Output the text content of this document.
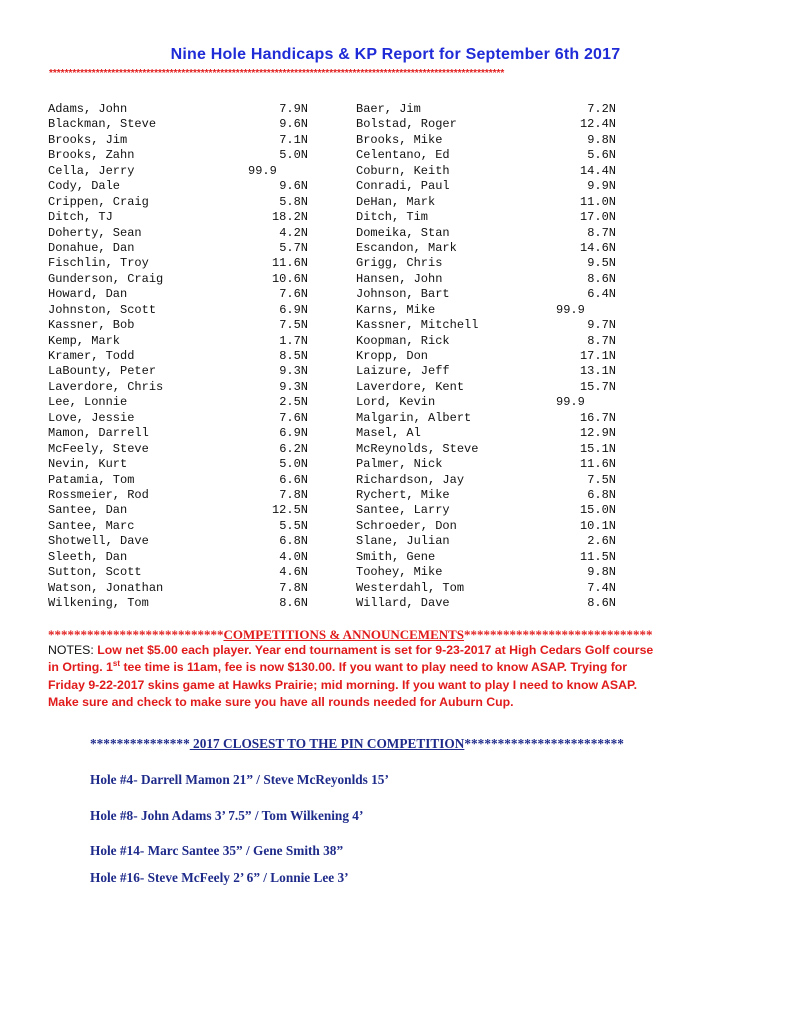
Nine Hole Handicaps & KP Report for September 6th 2017
*********************************************************************************************************************
Adams, John	7.9N	Baer, Jim	7.2N
Blackman, Steve	9.6N	Bolstad, Roger	12.4N
Brooks, Jim	7.1N	Brooks, Mike	9.8N
Brooks, Zahn	5.0N	Celentano, Ed	5.6N
Cella, Jerry	99.9	Coburn, Keith	14.4N
Cody, Dale	9.6N	Conradi, Paul	9.9N
Crippen, Craig	5.8N	DeHan, Mark	11.0N
Ditch, TJ	18.2N	Ditch, Tim	17.0N
Doherty, Sean	4.2N	Domeika, Stan	8.7N
Donahue, Dan	5.7N	Escandon, Mark	14.6N
Fischlin, Troy	11.6N	Grigg, Chris	9.5N
Gunderson, Craig	10.6N	Hansen, John	8.6N
Howard, Dan	7.6N	Johnson, Bart	6.4N
Johnston, Scott	6.9N	Karns, Mike	99.9
Kassner, Bob	7.5N	Kassner, Mitchell	9.7N
Kemp, Mark	1.7N	Koopman, Rick	8.7N
Kramer, Todd	8.5N	Kropp, Don	17.1N
LaBounty, Peter	9.3N	Laizure, Jeff	13.1N
Laverdore, Chris	9.3N	Laverdore, Kent	15.7N
Lee, Lonnie	2.5N	Lord, Kevin	99.9
Love, Jessie	7.6N	Malgarin, Albert	16.7N
Mamon, Darrell	6.9N	Masel, Al	12.9N
McFeely, Steve	6.2N	McReynolds, Steve	15.1N
Nevin, Kurt	5.0N	Palmer, Nick	11.6N
Patamia, Tom	6.6N	Richardson, Jay	7.5N
Rossmeier, Rod	7.8N	Rychert, Mike	6.8N
Santee, Dan	12.5N	Santee, Larry	15.0N
Santee, Marc	5.5N	Schroeder, Don	10.1N
Shotwell, Dave	6.8N	Slane, Julian	2.6N
Sleeth, Dan	4.0N	Smith, Gene	11.5N
Sutton, Scott	4.6N	Toohey, Mike	9.8N
Watson, Jonathan	7.8N	Westerdahl, Tom	7.4N
Wilkening, Tom	8.6N	Willard, Dave	8.6N
***************************COMPETITIONS & ANNOUNCEMENTS*****************************
NOTES: Low net $5.00 each player. Year end tournament is set for 9-23-2017 at High Cedars Golf course
in Orting. 1st tee time is 11am, fee is now $130.00. If you want to play need to know ASAP. Trying for
Friday 9-22-2017 skins game at Hawks Prairie; mid morning. If you want to play I need to know ASAP.
Make sure and check to make sure you have all rounds needed for Auburn Cup.
*************** 2017 CLOSEST TO THE PIN COMPETITION************************
Hole #4- Darrell Mamon 21” / Steve McReyonlds 15’
Hole #8- John Adams 3’ 7.5” / Tom Wilkening 4’
Hole #14- Marc Santee 35” / Gene Smith 38”
Hole #16- Steve McFeely 2’ 6” / Lonnie Lee 3’
